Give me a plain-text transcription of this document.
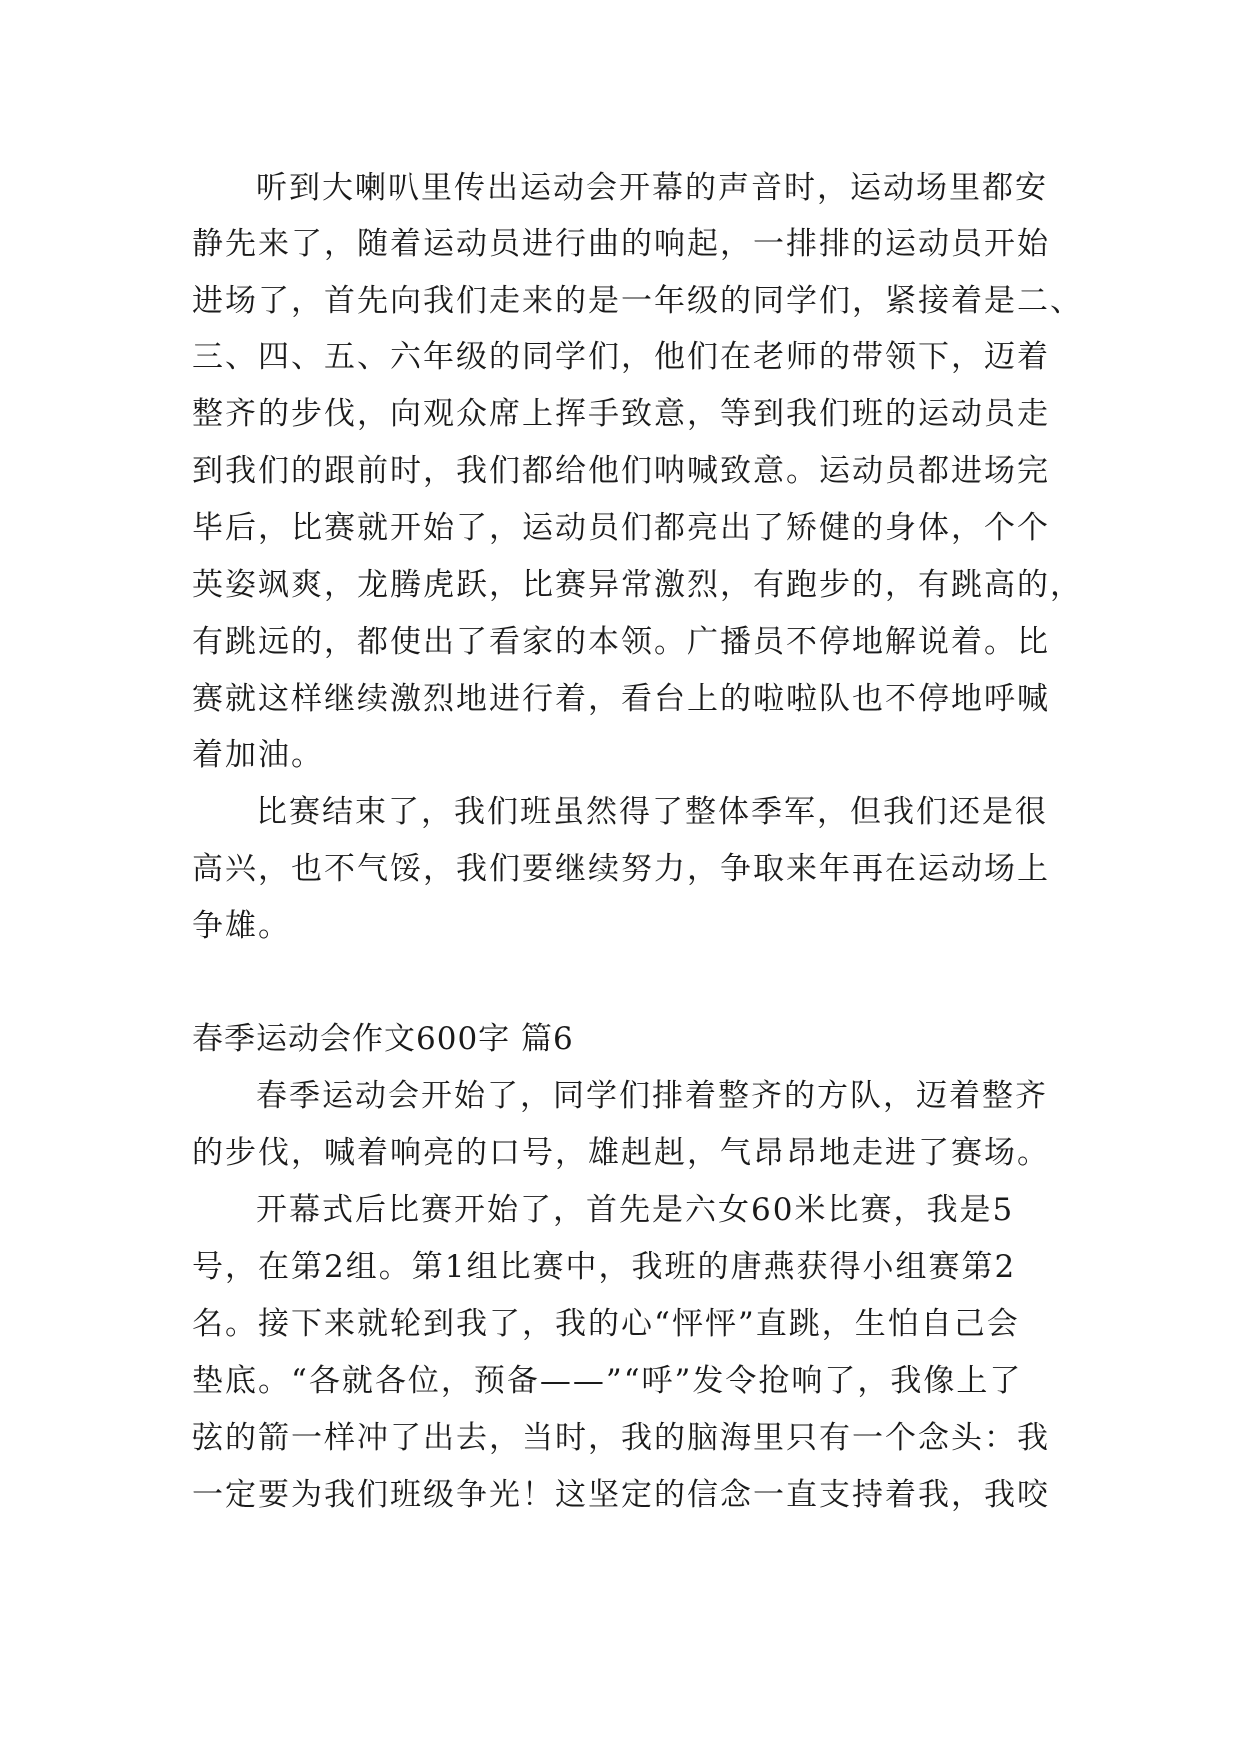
听到大喇叭里传出运动会开幕的声音时，运动场里都安
静先来了，随着运动员进行曲的响起，一排排的运动员开始
进场了，首先向我们走来的是一年级的同学们，紧接着是二、
三、四、五、六年级的同学们，他们在老师的带领下，迈着
整齐的步伐，向观众席上挥手致意，等到我们班的运动员走
到我们的跟前时，我们都给他们呐喊致意。运动员都进场完
毕后，比赛就开始了，运动员们都亮出了矫健的身体，个个
英姿飒爽，龙腾虎跃，比赛异常激烈，有跑步的，有跳高的，
有跳远的，都使出了看家的本领。广播员不停地解说着。比
赛就这样继续激烈地进行着，看台上的啦啦队也不停地呼喊
着加油。
比赛结束了，我们班虽然得了整体季军，但我们还是很
高兴，也不气馁，我们要继续努力，争取来年再在运动场上
争雄。
春季运动会作文600字 篇6
春季运动会开始了，同学们排着整齐的方队，迈着整齐
的步伐，喊着响亮的口号，雄赳赳，气昂昂地走进了赛场。
开幕式后比赛开始了，首先是六女60米比赛，我是5
号，在第2组。第1组比赛中，我班的唐燕获得小组赛第2
名。接下来就轮到我了，我的心“怦怦”直跳，生怕自己会
垫底。“各就各位，预备——”“呼”发令抢响了，我像上了
弦的箭一样冲了出去，当时，我的脑海里只有一个念头：我
一定要为我们班级争光！这坚定的信念一直支持着我，我咬
